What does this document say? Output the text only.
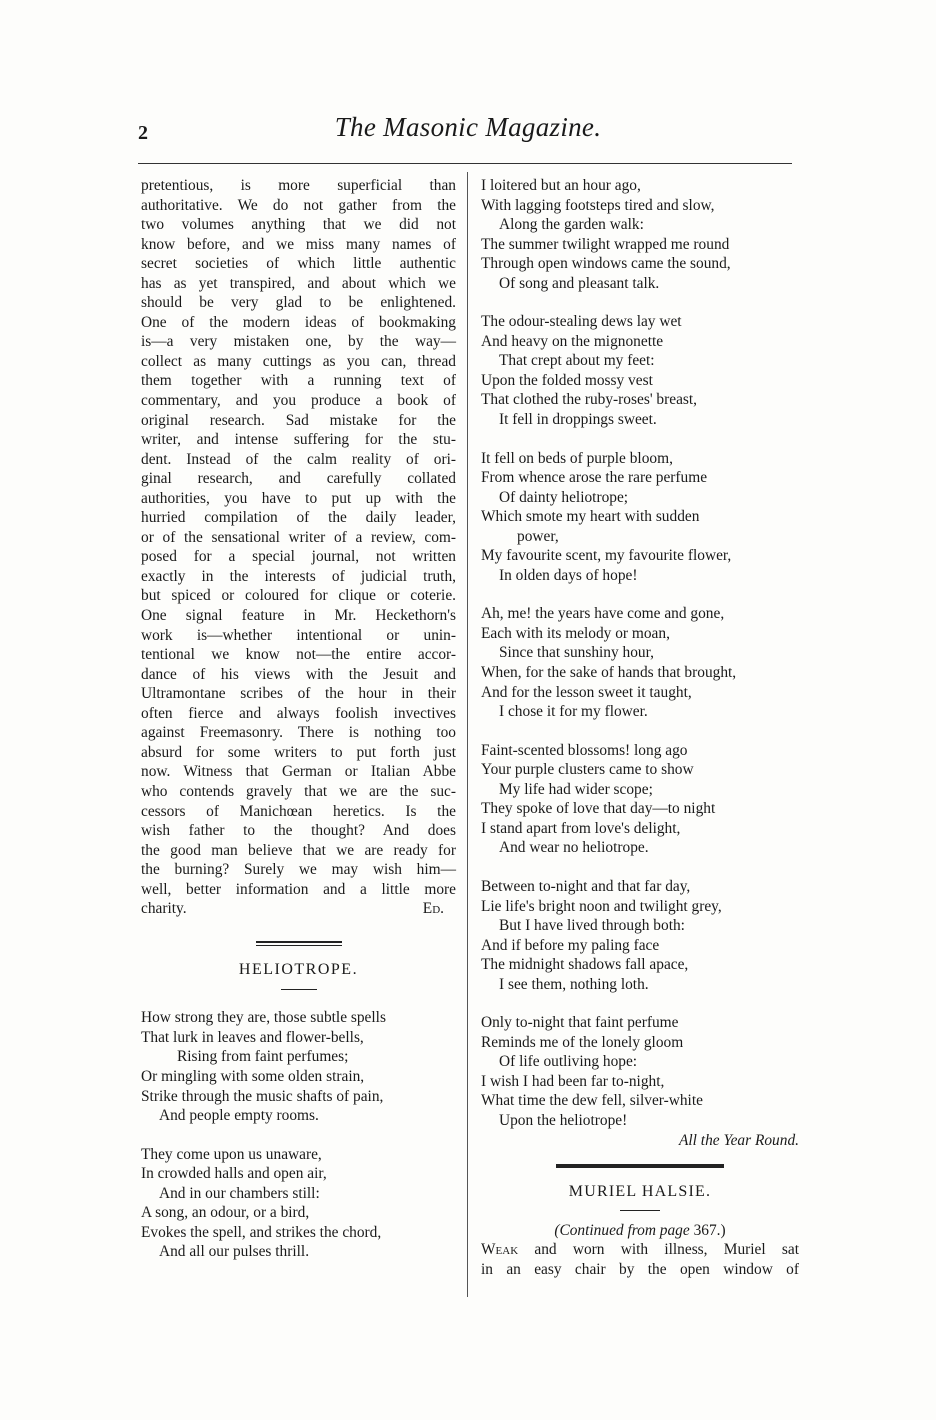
2	The Masonic Magazine.
pretentious, is more superficial than
authoritative. We do not gather from the
two volumes anything that we did not
know before, and we miss many names of
secret societies of which little authentic
has as yet transpired, and about which we
should be very glad to be enlightened.
One of the modern ideas of bookmaking
is—a very mistaken one, by the way—
collect as many cuttings as you can, thread
them together with a running text of
commentary, and you produce a book of
original research. Sad mistake for the
writer, and intense suffering for the stu-
dent. Instead of the calm reality of ori-
ginal research, and carefully collated
authorities, you have to put up with the
hurried compilation of the daily leader,
or of the sensational writer of a review, com-
posed for a special journal, not written
exactly in the interests of judicial truth,
but spiced or coloured for clique or coterie.
One signal feature in Mr. Heckethorn's
work is—whether intentional or unin-
tentional we know not—the entire accor-
dance of his views with the Jesuit and
Ultramontane scribes of the hour in their
often fierce and always foolish invectives
against Freemasonry. There is nothing too
absurd for some writers to put forth just
now. Witness that German or Italian Abbe
who contends gravely that we are the suc-
cessors of Manichœan heretics. Is the
wish father to the thought? And does
the good man believe that we are ready for
the burning? Surely we may wish him—
well, better information and a little more
charity.	Ed.
HELIOTROPE.
How strong they are, those subtle spells
That lurk in leaves and flower-bells,
Rising from faint perfumes;
Or mingling with some olden strain,
Strike through the music shafts of pain,
And people empty rooms.
They come upon us unaware,
In crowded halls and open air,
And in our chambers still:
A song, an odour, or a bird,
Evokes the spell, and strikes the chord,
And all our pulses thrill.
I loitered but an hour ago,
With lagging footsteps tired and slow,
Along the garden walk:
The summer twilight wrapped me round
Through open windows came the sound,
Of song and pleasant talk.
The odour-stealing dews lay wet
And heavy on the mignonette
That crept about my feet:
Upon the folded mossy vest
That clothed the ruby-roses' breast,
It fell in droppings sweet.
It fell on beds of purple bloom,
From whence arose the rare perfume
Of dainty heliotrope;
Which smote my heart with sudden
power,
My favourite scent, my favourite flower,
In olden days of hope!
Ah, me! the years have come and gone,
Each with its melody or moan,
Since that sunshiny hour,
When, for the sake of hands that brought,
And for the lesson sweet it taught,
I chose it for my flower.
Faint-scented blossoms! long ago
Your purple clusters came to show
My life had wider scope;
They spoke of love that day—to night
I stand apart from love's delight,
And wear no heliotrope.
Between to-night and that far day,
Lie life's bright noon and twilight grey,
But I have lived through both:
And if before my paling face
The midnight shadows fall apace,
I see them, nothing loth.
Only to-night that faint perfume
Reminds me of the lonely gloom
Of life outliving hope:
I wish I had been far to-night,
What time the dew fell, silver-white
Upon the heliotrope!
All the Year Round.
MURIEL HALSIE.
(Continued from page 367.)
Weak and worn with illness, Muriel sat
in an easy chair by the open window of
